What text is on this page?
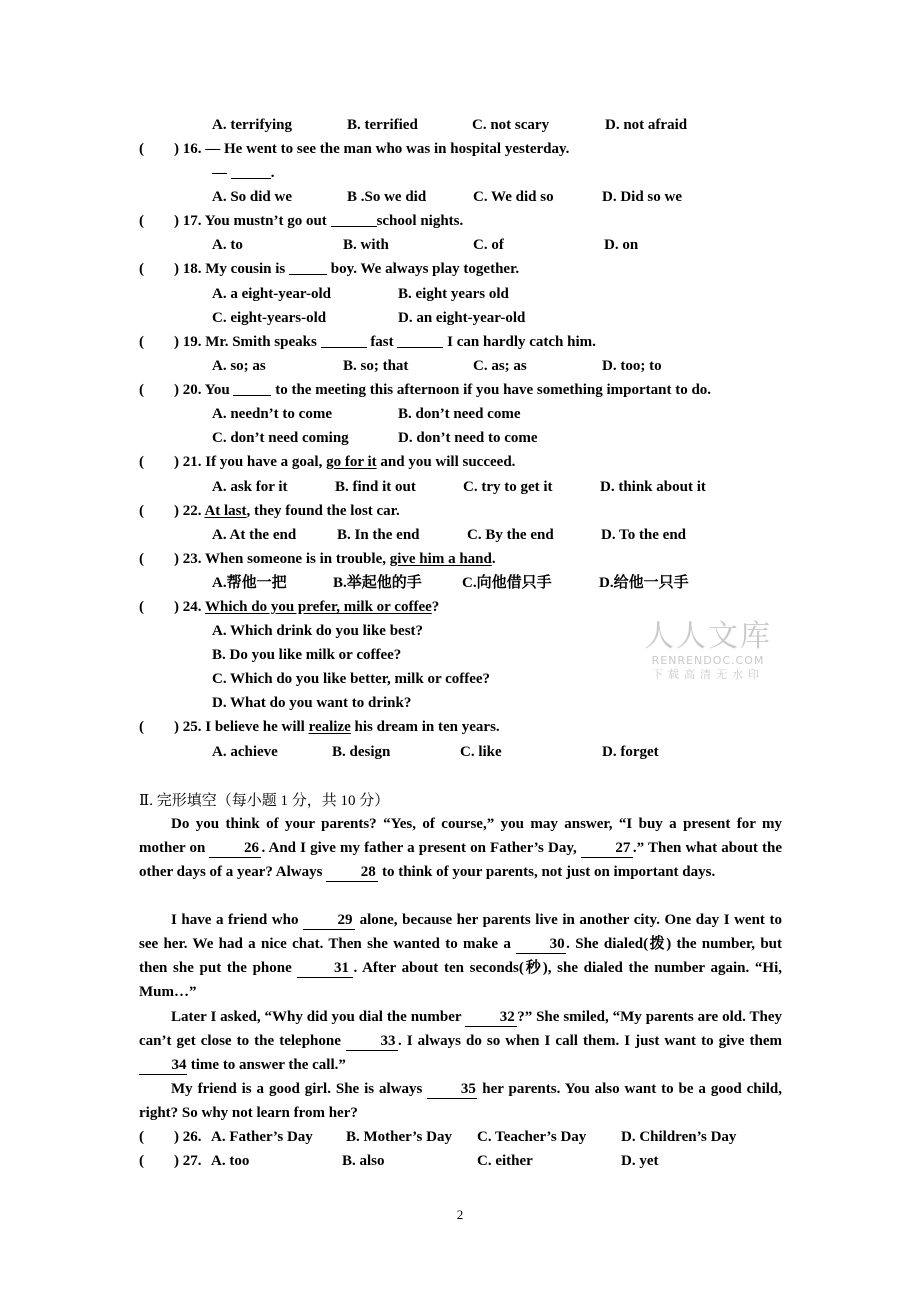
A. terrifying	B. terrified	C. not scary	D. not afraid
( ) 16. — He went to see the man who was in hospital yesterday.
—	.
A. So did we	B .So we did	C. We did so	D. Did so we
( ) 17. You mustn’t go out	school nights.
A. to	B. with	C. of	D. on
( ) 18. My cousin is	boy. We always play together.
A. a eight-year-old	B. eight years old
C. eight-years-old	D. an eight-year-old
( ) 19. Mr. Smith speaks	fast	I can hardly catch him.
A. so; as	B. so; that	C. as; as	D. too; to
( ) 20. You	to the meeting this afternoon if you have something important to do.
A. needn’t to come	B. don’t need come
C. don’t need coming	D. don’t need to come
( ) 21. If you have a goal, go for it and you will succeed.
A. ask for it	B. find it out	C. try to get it	D. think about it
( ) 22. At last, they found the lost car.
A. At the end	B. In the end	C. By the end	D. To the end
( ) 23. When someone is in trouble, give him a hand.
A.帮他一把	B.举起他的手	C.向他借只手	D.给他一只手
( ) 24. Which do you prefer, milk or coffee?
A. Which drink do you like best?
B. Do you like milk or coffee?
C. Which do you like better, milk or coffee?
D. What do you want to drink?
人人文库
RENRENDOC.COM
下载高清无水印
( ) 25. I believe he will realize his dream in ten years.
A. achieve	B. design	C. like	D. forget
Ⅱ. 完形填空（每小题 1 分，共 10 分）
Do you think of your parents? “Yes, of course,” you may answer, “I buy a present for my mother on	26 . And I give my father a present on Father’s Day,	27 .” Then what about the other days of a year? Always	28 to think of your parents, not just on important days.
I have a friend who	29 alone, because her parents live in another city. One day I went to see her. We had a nice chat. Then she wanted to make a	30 . She dialed(拨) the number, but then she put the phone	31 . After about ten seconds(秒), she dialed the number again. “Hi, Mum…”
Later I asked, “Why did you dial the number	32 ?” She smiled, “My parents are old. They can’t get close to the telephone	33 . I always do so when I call them. I just want to give them 34 time to answer the call.”
My friend is a good girl. She is always	35 her parents. You also want to be a good child, right? So why not learn from her?
( ) 26. A. Father’s Day B. Mother’s Day C. Teacher’s Day D. Children’s Day
( ) 27. A. too	B. also	C. either	D. yet
2
